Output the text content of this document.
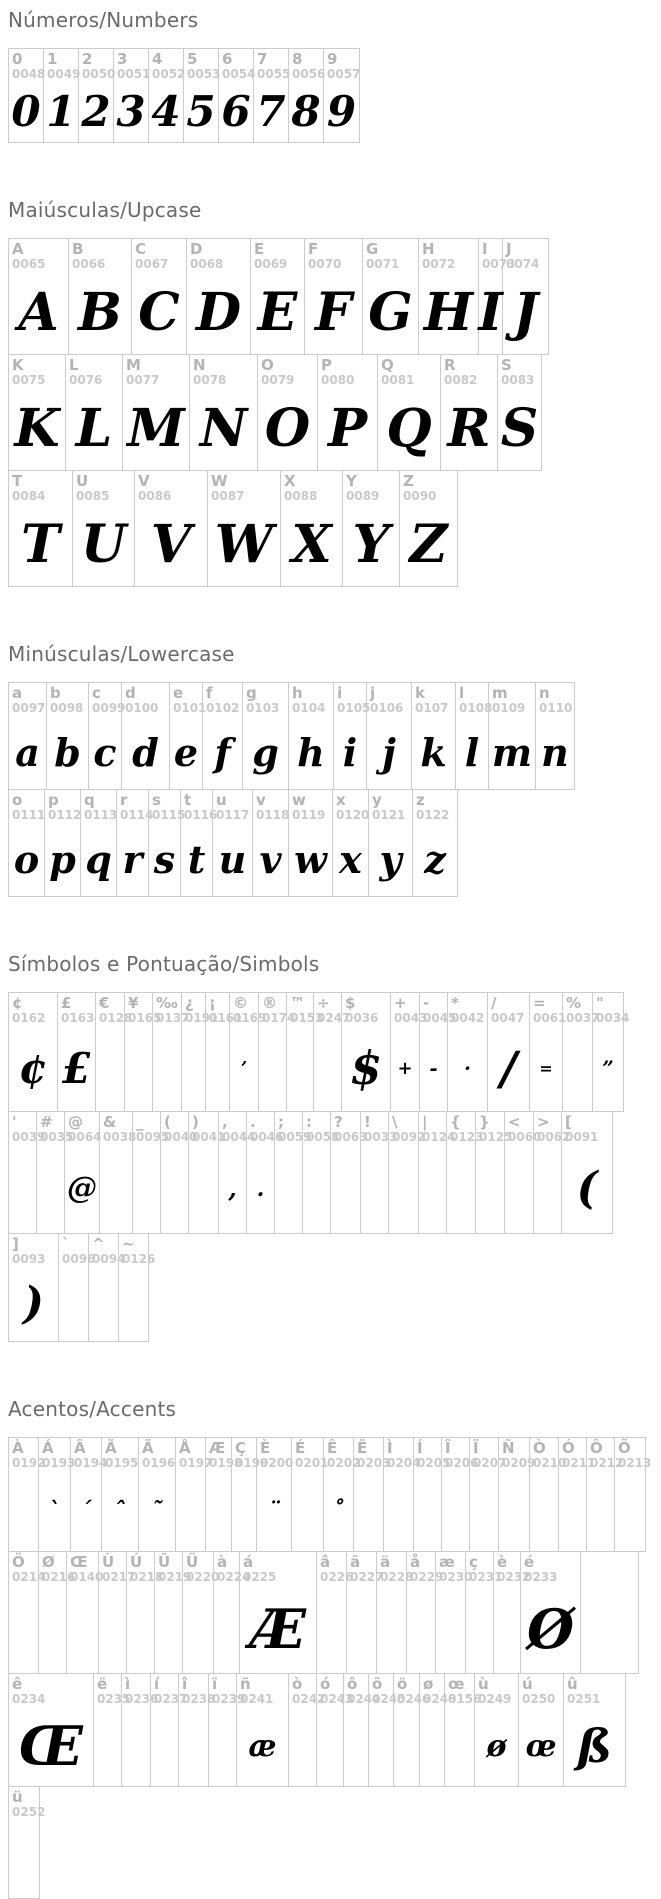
Números/Numbers
0
0048
0
1
0049
1
2
0050
2
3
0051
3
4
0052
4
5
0053
5
6
0054
6
7
0055
7
8
0056
8
9
0057
9
Maiúsculas/Upcase
A
0065
A
B
0066
B
C
0067
C
D
0068
D
E
0069
E
F
0070
F
G
0071
G
H
0072
H
I
0073
I
J
0074
J
K
0075
K
L
0076
L
M
0077
M
N
0078
N
O
0079
O
P
0080
P
Q
0081
Q
R
0082
R
S
0083
S
T
0084
T
U
0085
U
V
0086
V
W
0087
W
X
0088
X
Y
0089
Y
Z
0090
Z
Minúsculas/Lowercase
a
0097
a
b
0098
b
c
0099
c
d
0100
d
e
0101
e
f
0102
f
g
0103
g
h
0104
h
i
0105
i
j
0106
j
k
0107
k
l
0108
l
m
0109
m
n
0110
n
o
0111
o
p
0112
p
q
0113
q
r
0114
r
s
0115
s
t
0116
t
u
0117
u
v
0118
v
w
0119
w
x
0120
x
y
0121
y
z
0122
z
Símbolos e Pontuação/Simbols
¢
0162
¢
£
0163
£
€
0128
¥
0165
‰
0137
¿
0191
¡
0161
©
0169
’
®
0174
™
0153
÷
0247
$
0036
$
+
0043
+
-
0045
-
*
0042
·
/
0047
/
=
0061
=
%
0037
"
0034
”
'
0039
#
0035
@
0064
@
&
0038
_
0095
(
0040
)
0041
,
0044
,
.
0046
.
;
0059
:
0058
?
0063
!
0033
\
0092
|
0124
{
0123
}
0125
<
0060
>
0062
[
0091
(
]
0093
)
`
0096
^
0094
~
0126
Acentos/Accents
À
0192
Á
0193
`
Â
0194
´
Ã
0195
ˆ
Ä
0196
˜
Å
0197
Æ
0198
Ç
0199
È
0200
¨
É
0201
Ê
0202
˚
Ë
0203
Ì
0204
Í
0205
Î
0206
Ï
0207
Ñ
0209
Ò
0210
Ó
0211
Ô
0212
Õ
0213
Ö
0214
Ø
0216
Œ
0140
Ù
0217
Ú
0218
Û
0219
Ü
0220
à
0224
á
0225
Æ
â
0226
ã
0227
ä
0228
å
0229
æ
0230
ç
0231
è
0232
é
0233
Ø
ê
0234
Œ
ë
0235
ì
0236
í
0237
î
0238
ï
0239
ñ
0241
æ
ò
0242
ó
0243
ô
0244
õ
0245
ö
0246
ø
0248
œ
0156
ù
0249
ø
ú
0250
œ
û
0251
ß
ü
0252
